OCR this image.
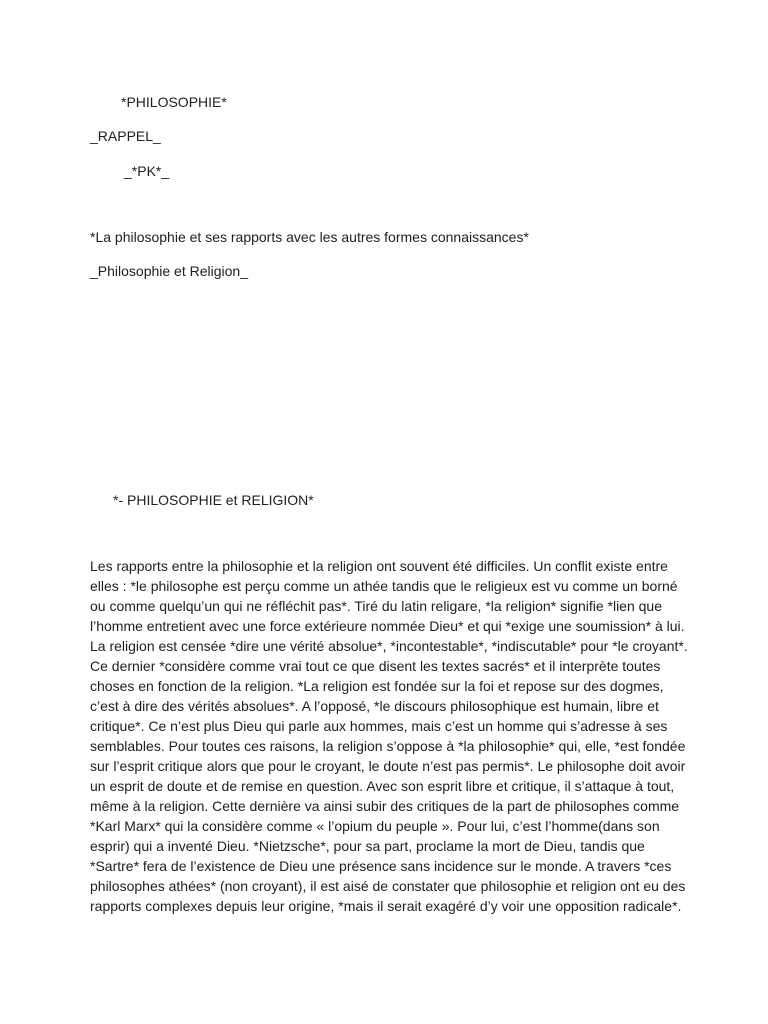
*PHILOSOPHIE*
_RAPPEL_
_*PK*_
*La philosophie et ses rapports avec les autres formes connaissances*
_Philosophie et Religion_
*- PHILOSOPHIE et RELIGION*

Les rapports entre la philosophie et la religion ont souvent été difficiles. Un conflit existe entre
elles : *le philosophe est perçu comme un athée tandis que le religieux est vu comme un borné
ou comme quelqu’un qui ne réfléchit pas*. Tiré du latin religare, *la religion* signifie *lien que
l’homme entretient avec une force extérieure nommée Dieu* et qui *exige une soumission* à lui.
La religion est censée *dire une vérité absolue*, *incontestable*, *indiscutable* pour *le croyant*.
Ce dernier *considère comme vrai tout ce que disent les textes sacrés* et il interprète toutes
choses en fonction de la religion. *La religion est fondée sur la foi et repose sur des dogmes,
c’est à dire des vérités absolues*. A l’opposé, *le discours philosophique est humain, libre et
critique*. Ce n’est plus Dieu qui parle aux hommes, mais c’est un homme qui s’adresse à ses
semblables. Pour toutes ces raisons, la religion s’oppose à *la philosophie* qui, elle, *est fondée
sur l’esprit critique alors que pour le croyant, le doute n’est pas permis*. Le philosophe doit avoir
un esprit de doute et de remise en question. Avec son esprit libre et critique, il s’attaque à tout,
même à la religion. Cette dernière va ainsi subir des critiques de la part de philosophes comme
*Karl Marx* qui la considère comme « l’opium du peuple ». Pour lui, c’est l’homme(dans son
esprir) qui a inventé Dieu. *Nietzsche*, pour sa part, proclame la mort de Dieu, tandis que
*Sartre* fera de l’existence de Dieu une présence sans incidence sur le monde. A travers *ces
philosophes athées* (non croyant), il est aisé de constater que philosophie et religion ont eu des
rapports complexes depuis leur origine, *mais il serait exagéré d’y voir une opposition radicale*.
